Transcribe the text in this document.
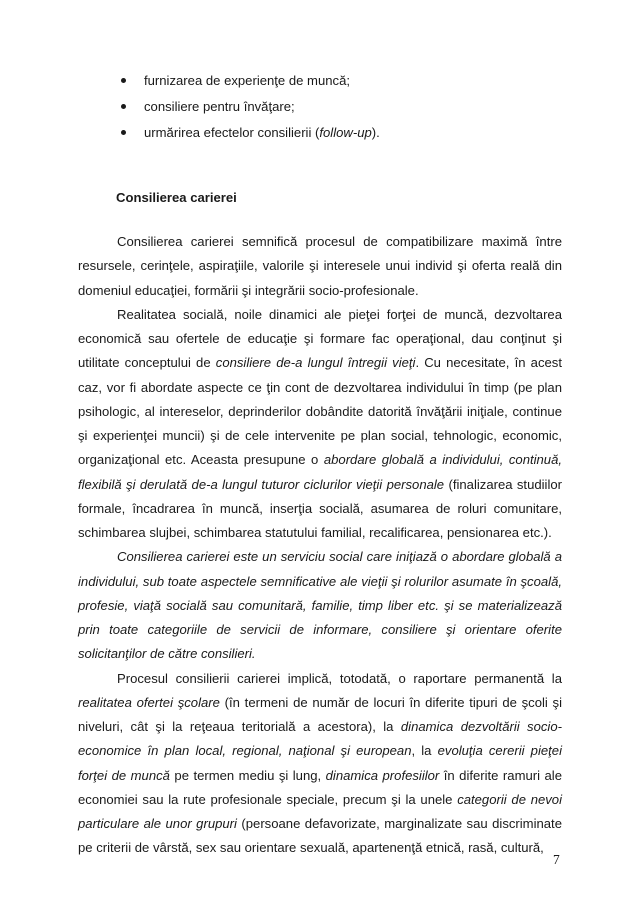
furnizarea de experienţe de muncă;
consiliere pentru învăţare;
urmărirea efectelor consilierii (follow-up).
Consilierea carierei

Consilierea carierei semnifică procesul de compatibilizare maximă între resursele, cerinţele, aspiraţiile, valorile şi interesele unui individ şi oferta reală din domeniul educaţiei, formării şi integrării socio-profesionale.

Realitatea socială, noile dinamici ale pieţei forţei de muncă, dezvoltarea economică sau ofertele de educaţie şi formare fac operaţional, dau conţinut şi utilitate conceptului de consiliere de-a lungul întregii vieţi. Cu necesitate, în acest caz, vor fi abordate aspecte ce ţin cont de dezvoltarea individului în timp (pe plan psihologic, al intereselor, deprinderilor dobândite datorită învăţării iniţiale, continue şi experienţei muncii) şi de cele intervenite pe plan social, tehnologic, economic, organizaţional etc. Aceasta presupune o abordare globală a individului, continuă, flexibilă şi derulată de-a lungul tuturor ciclurilor vieţii personale (finalizarea studiilor formale, încadrarea în muncă, inserţia socială, asumarea de roluri comunitare, schimbarea slujbei, schimbarea statutului familial, recalificarea, pensionarea etc.).

Consilierea carierei este un serviciu social care iniţiază o abordare globală a individului, sub toate aspectele semnificative ale vieţii şi rolurilor asumate în şcoală, profesie, viaţă socială sau comunitară, familie, timp liber etc. şi se materializează prin toate categoriile de servicii de informare, consiliere şi orientare oferite solicitanţilor de către consilieri.

Procesul consilierii carierei implică, totodată, o raportare permanentă la realitatea ofertei şcolare (în termeni de număr de locuri în diferite tipuri de şcoli şi niveluri, cât şi la reţeaua teritorială a acestora), la dinamica dezvoltării socio-economice în plan local, regional, naţional şi european, la evoluţia cererii pieţei forţei de muncă pe termen mediu şi lung, dinamica profesiilor în diferite ramuri ale economiei sau la rute profesionale speciale, precum şi la unele categorii de nevoi particulare ale unor grupuri (persoane defavorizate, marginalizate sau discriminate pe criterii de vârstă, sex sau orientare sexuală, apartenenţă etnică, rasă, cultură,

7
